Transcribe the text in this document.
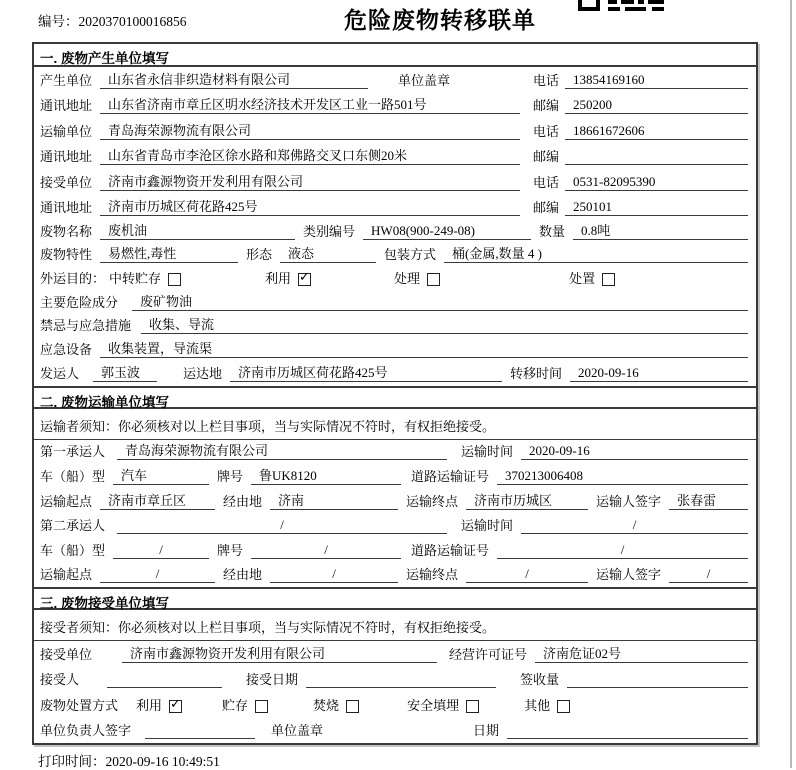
编号：2020370100016856	危险废物转移联单
一. 废物产生单位填写
产生单位	山东省永信非织造材料有限公司	单位盖章	电话	13854169160
通讯地址	山东省济南市章丘区明水经济技术开发区工业一路501号	邮编	250200
运输单位	青岛海荣源物流有限公司	电话	18661672606
通讯地址	山东省青岛市李沧区徐水路和郑佛路交叉口东侧20米	邮编
接受单位	济南市鑫源物资开发利用有限公司	电话	0531-82095390
通讯地址	济南市历城区荷花路425号	邮编	250101
废物名称	废机油	类别编号	HW08(900-249-08)	数量	0.8吨
废物特性	易燃性,毒性	形态	液态	包装方式	桶(金属,数量 4 )
外运目的： 中转贮存	利用 ✓	处理	处置
主要危险成分	废矿物油
禁忌与应急措施	收集、导流
应急设备	收集装置，导流渠
发运人	郭玉波	运达地	济南市历城区荷花路425号	转移时间	2020-09-16
二. 废物运输单位填写
运输者须知：你必须核对以上栏目事项，当与实际情况不符时，有权拒绝接受。
第一承运人	青岛海荣源物流有限公司	运输时间	2020-09-16
车（船）型	汽车	牌号	鲁UK8120	道路运输证号	370213006408
运输起点	济南市章丘区	经由地	济南	运输终点	济南市历城区	运输人签字	张春雷
第二承运人	/	运输时间	/
车（船）型	/	牌号	/	道路运输证号	/
运输起点	/	经由地	/	运输终点	/	运输人签字	/
三. 废物接受单位填写
接受者须知：你必须核对以上栏目事项，当与实际情况不符时，有权拒绝接受。
接受单位	济南市鑫源物资开发利用有限公司	经营许可证号	济南危证02号
接受人	接受日期	签收量
废物处置方式 利用 ✓	贮存	焚烧	安全填埋	其他
单位负责人签字	单位盖章	日期
打印时间：2020-09-16 10:49:51
